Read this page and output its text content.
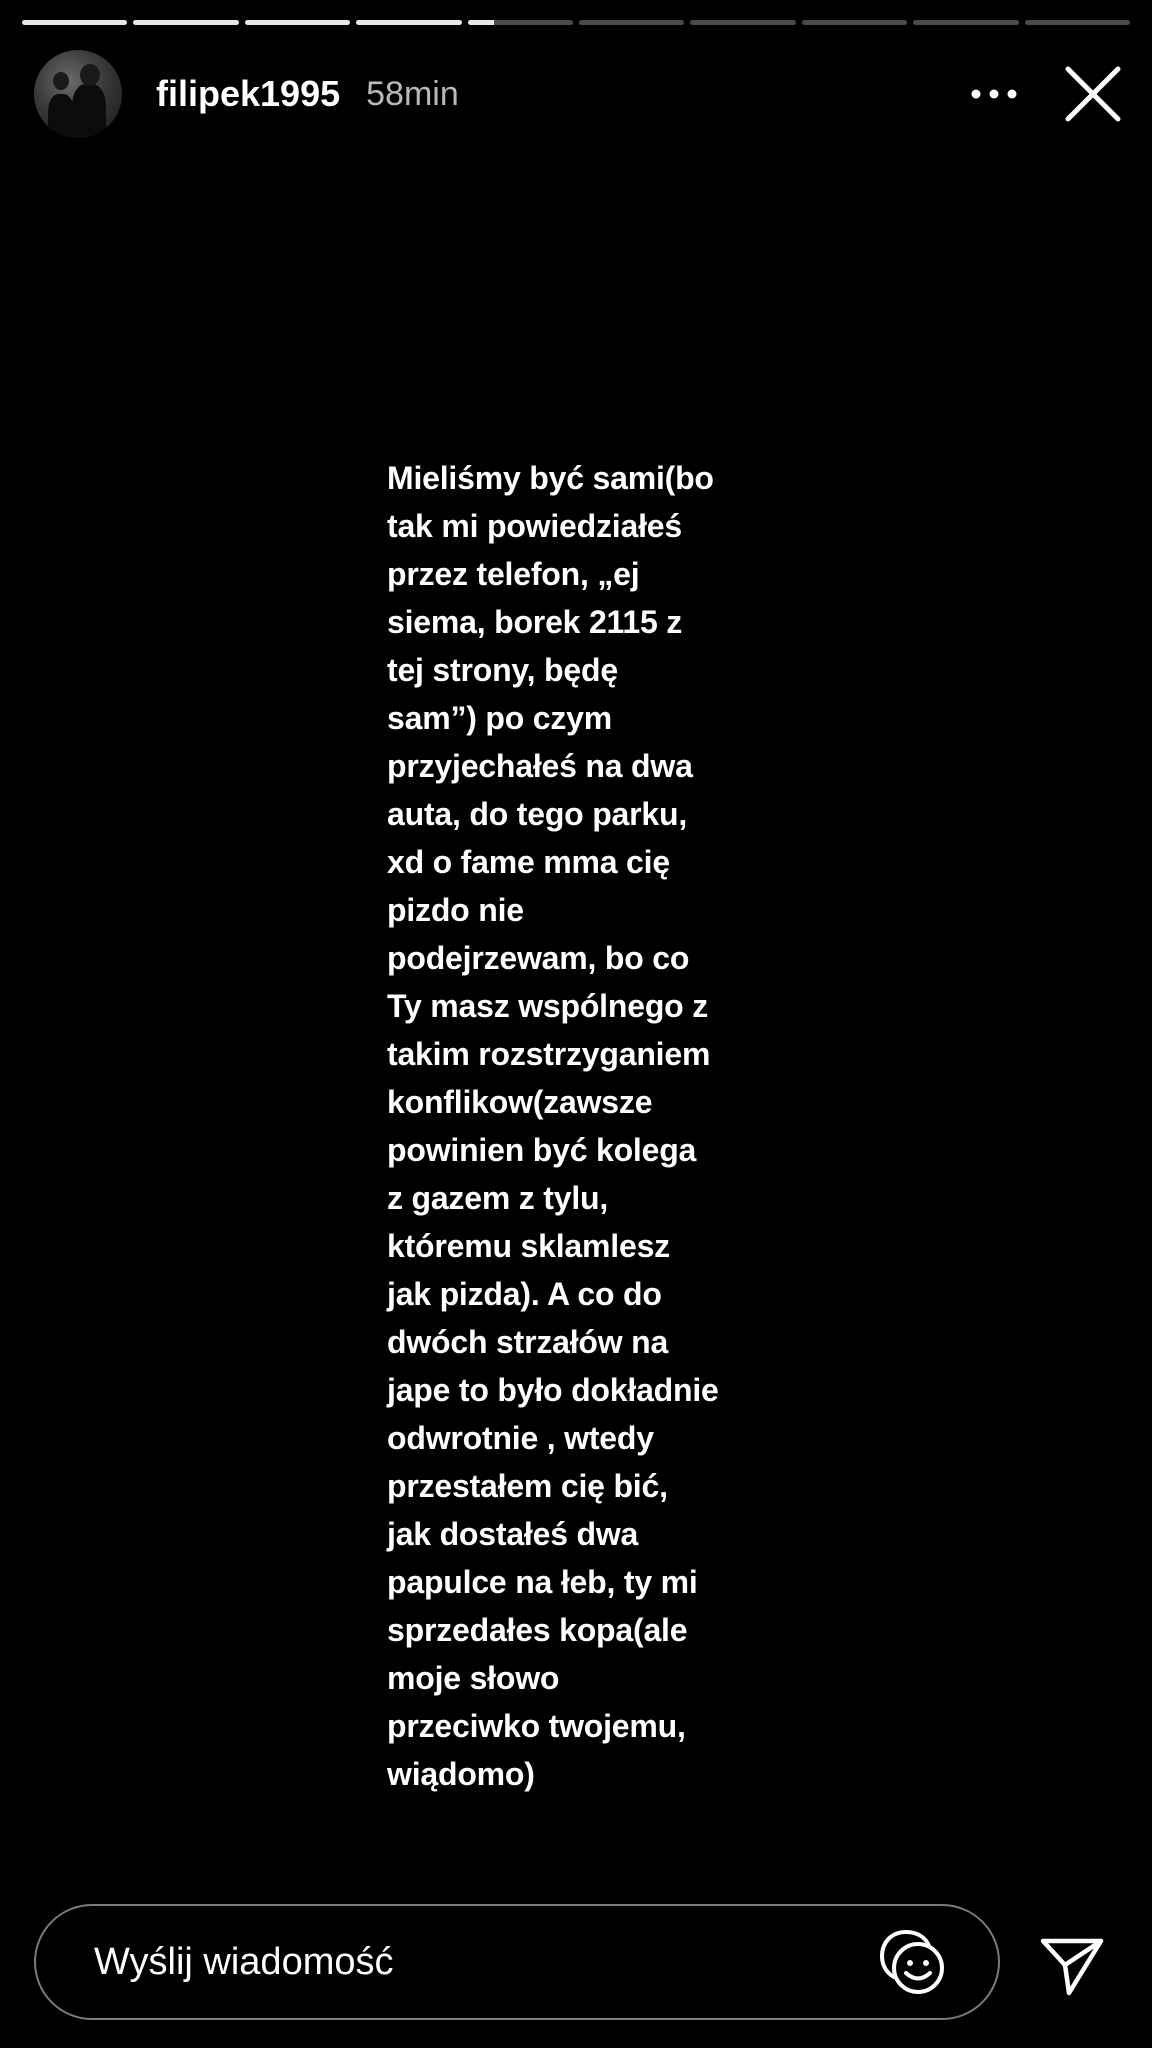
filipek1995 58min
Mieliśmy być sami(bo
tak mi powiedziałeś
przez telefon, „ej
siema, borek 2115 z
tej strony, będę
sam”) po czym
przyjechałeś na dwa
auta, do tego parku,
xd o fame mma cię
pizdo nie
podejrzewam, bo co
Ty masz wspólnego z
takim rozstrzyganiem
konflikow(zawsze
powinien być kolega
z gazem z tylu,
któremu sklamlesz
jak pizda). A co do
dwóch strzałów na
jape to było dokładnie
odwrotnie , wtedy
przestałem cię bić,
jak dostałeś dwa
papulce na łeb, ty mi
sprzedałes kopa(ale
moje słowo
przeciwko twojemu,
wiądomo)
Wyślij wiadomość
